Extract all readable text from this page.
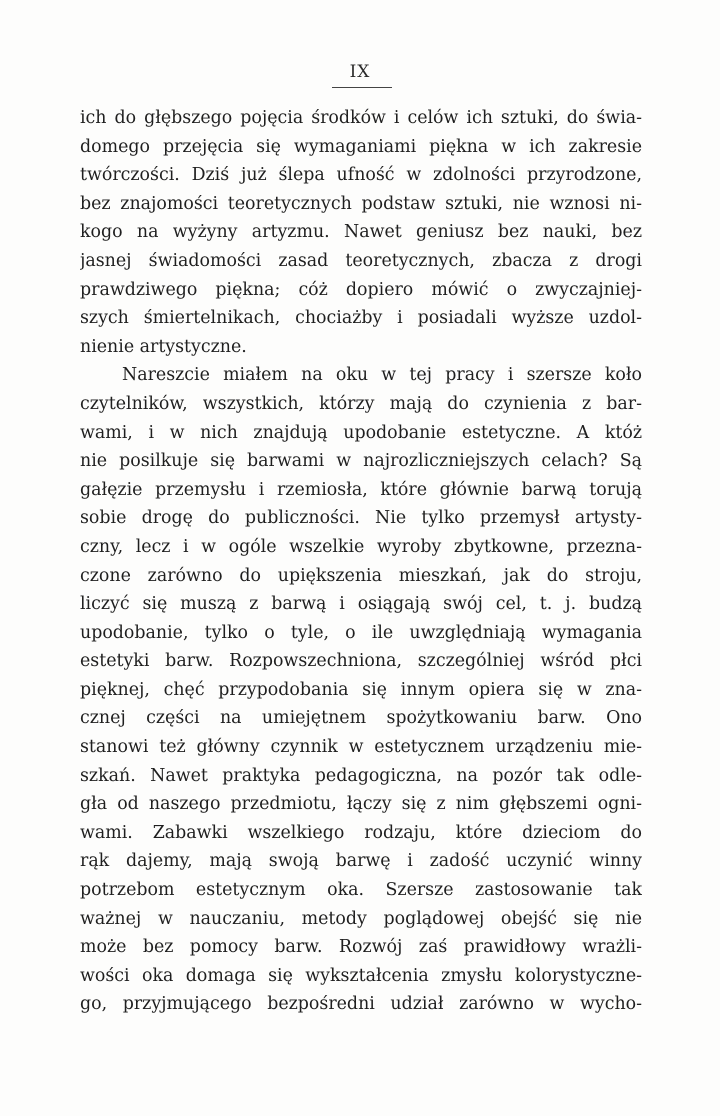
IX
ich do głębszego pojęcia środków i celów ich sztuki, do świa-
domego przejęcia się wymaganiami piękna w ich zakresie
twórczości. Dziś już ślepa ufność w zdolności przyrodzone,
bez znajomości teoretycznych podstaw sztuki, nie wznosi ni-
kogo na wyżyny artyzmu. Nawet geniusz bez nauki, bez
jasnej świadomości zasad teoretycznych, zbacza z drogi
prawdziwego piękna; cóż dopiero mówić o zwyczajniej-
szych śmiertelnikach, chociażby i posiadali wyższe uzdol-
nienie artystyczne.
Nareszcie miałem na oku w tej pracy i szersze koło
czytelników, wszystkich, którzy mają do czynienia z bar-
wami, i w nich znajdują upodobanie estetyczne. A któż
nie posilkuje się barwami w najrozliczniejszych celach? Są
gałęzie przemysłu i rzemiosła, które głównie barwą torują
sobie drogę do publiczności. Nie tylko przemysł artysty-
czny, lecz i w ogóle wszelkie wyroby zbytkowne, przezna-
czone zarówno do upiększenia mieszkań, jak do stroju,
liczyć się muszą z barwą i osiągają swój cel, t. j. budzą
upodobanie, tylko o tyle, o ile uwzględniają wymagania
estetyki barw. Rozpowszechniona, szczególniej wśród płci
pięknej, chęć przypodobania się innym opiera się w zna-
cznej części na umiejętnem spożytkowaniu barw. Ono
stanowi też główny czynnik w estetycznem urządzeniu mie-
szkań. Nawet praktyka pedagogiczna, na pozór tak odle-
gła od naszego przedmiotu, łączy się z nim głębszemi ogni-
wami. Zabawki wszelkiego rodzaju, które dzieciom do
rąk dajemy, mają swoją barwę i zadość uczynić winny
potrzebom estetycznym oka. Szersze zastosowanie tak
ważnej w nauczaniu, metody poglądowej obejść się nie
może bez pomocy barw. Rozwój zaś prawidłowy wrażli-
wości oka domaga się wykształcenia zmysłu kolorystyczne-
go, przyjmującego bezpośredni udział zarówno w wycho-
